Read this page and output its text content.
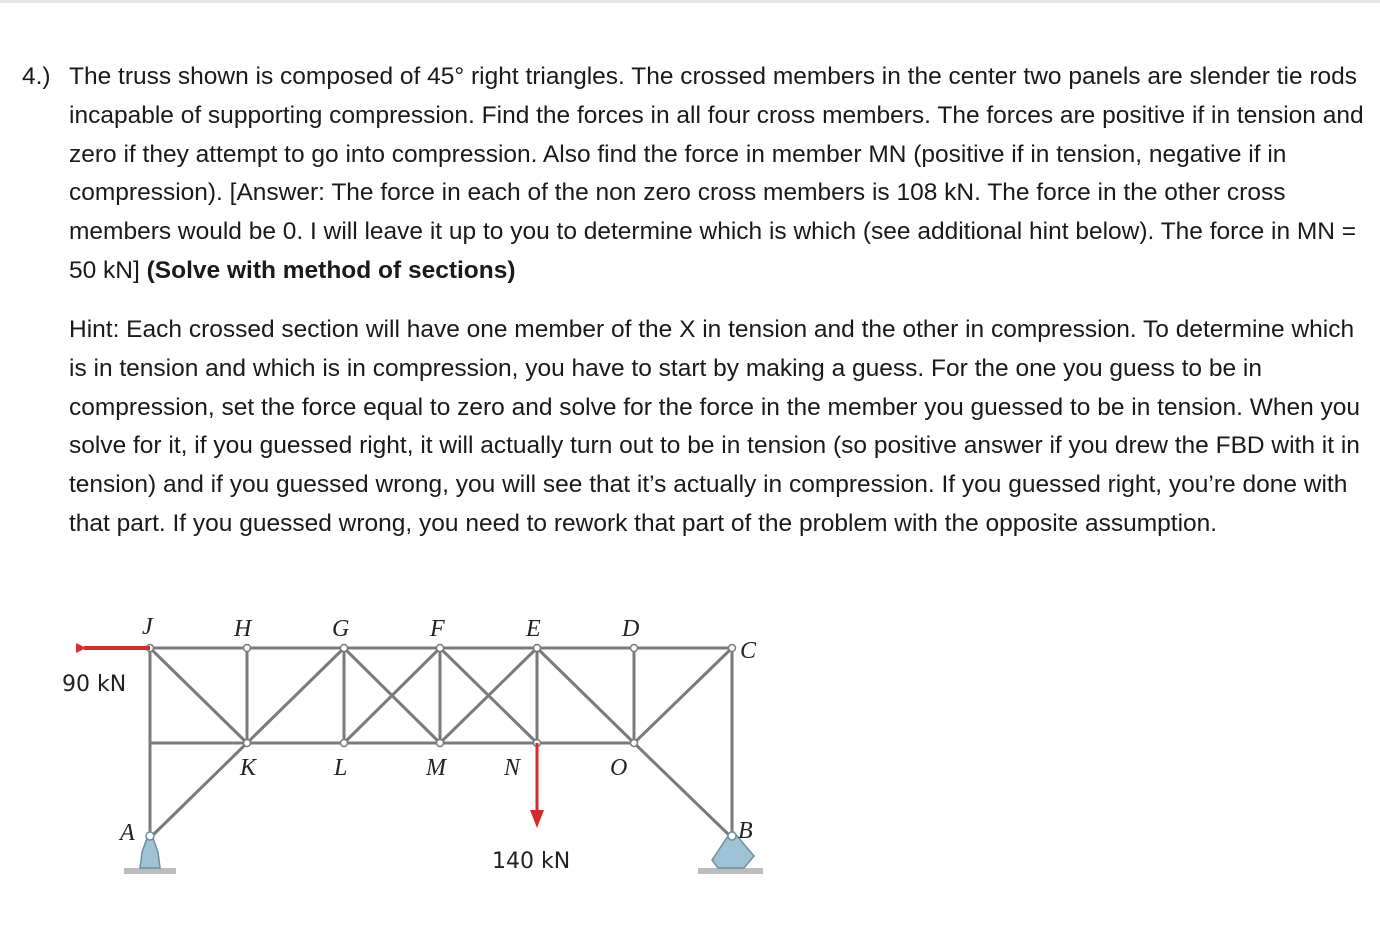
4.) The truss shown is composed of 45° right triangles. The crossed members in the center two panels are slender tie rods incapable of supporting compression. Find the forces in all four cross members. The forces are positive if in tension and zero if they attempt to go into compression. Also find the force in member MN (positive if in tension, negative if in compression). [Answer: The force in each of the non zero cross members is 108 kN. The force in the other cross members would be 0. I will leave it up to you to determine which is which (see additional hint below). The force in MN = 50 kN] (Solve with method of sections)
Hint: Each crossed section will have one member of the X in tension and the other in compression. To determine which is in tension and which is in compression, you have to start by making a guess. For the one you guess to be in compression, set the force equal to zero and solve for the force in the member you guessed to be in tension. When you solve for it, if you guessed right, it will actually turn out to be in tension (so positive answer if you drew the FBD with it in tension) and if you guessed wrong, you will see that it’s actually in compression. If you guessed right, you’re done with that part. If you guessed wrong, you need to rework that part of the problem with the opposite assumption.
J	H	G	F	E	D
C
K	L	M N	O
A	B
90 kN
140 kN
